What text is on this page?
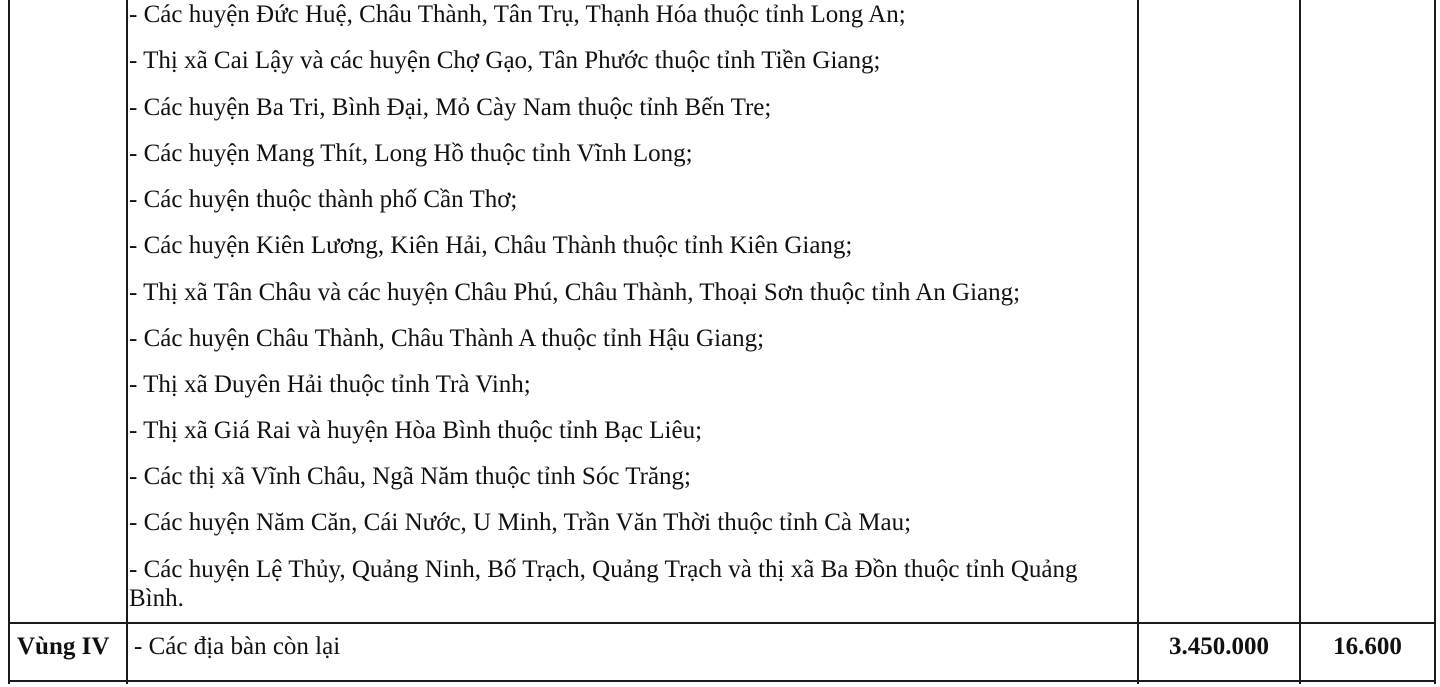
- Các huyện Đức Huệ, Châu Thành, Tân Trụ, Thạnh Hóa thuộc tỉnh Long An;
- Thị xã Cai Lậy và các huyện Chợ Gạo, Tân Phước thuộc tỉnh Tiền Giang;
- Các huyện Ba Tri, Bình Đại, Mỏ Cày Nam thuộc tỉnh Bến Tre;
- Các huyện Mang Thít, Long Hồ thuộc tỉnh Vĩnh Long;
- Các huyện thuộc thành phố Cần Thơ;
- Các huyện Kiên Lương, Kiên Hải, Châu Thành thuộc tỉnh Kiên Giang;
- Thị xã Tân Châu và các huyện Châu Phú, Châu Thành, Thoại Sơn thuộc tỉnh An Giang;
- Các huyện Châu Thành, Châu Thành A thuộc tỉnh Hậu Giang;
- Thị xã Duyên Hải thuộc tỉnh Trà Vinh;
- Thị xã Giá Rai và huyện Hòa Bình thuộc tỉnh Bạc Liêu;
- Các thị xã Vĩnh Châu, Ngã Năm thuộc tỉnh Sóc Trăng;
- Các huyện Năm Căn, Cái Nước, U Minh, Trần Văn Thời thuộc tỉnh Cà Mau;
- Các huyện Lệ Thủy, Quảng Ninh, Bố Trạch, Quảng Trạch và thị xã Ba Đồn thuộc tỉnh Quảng Bình.
Vùng IV - Các địa bàn còn lại	3.450.000	16.600
